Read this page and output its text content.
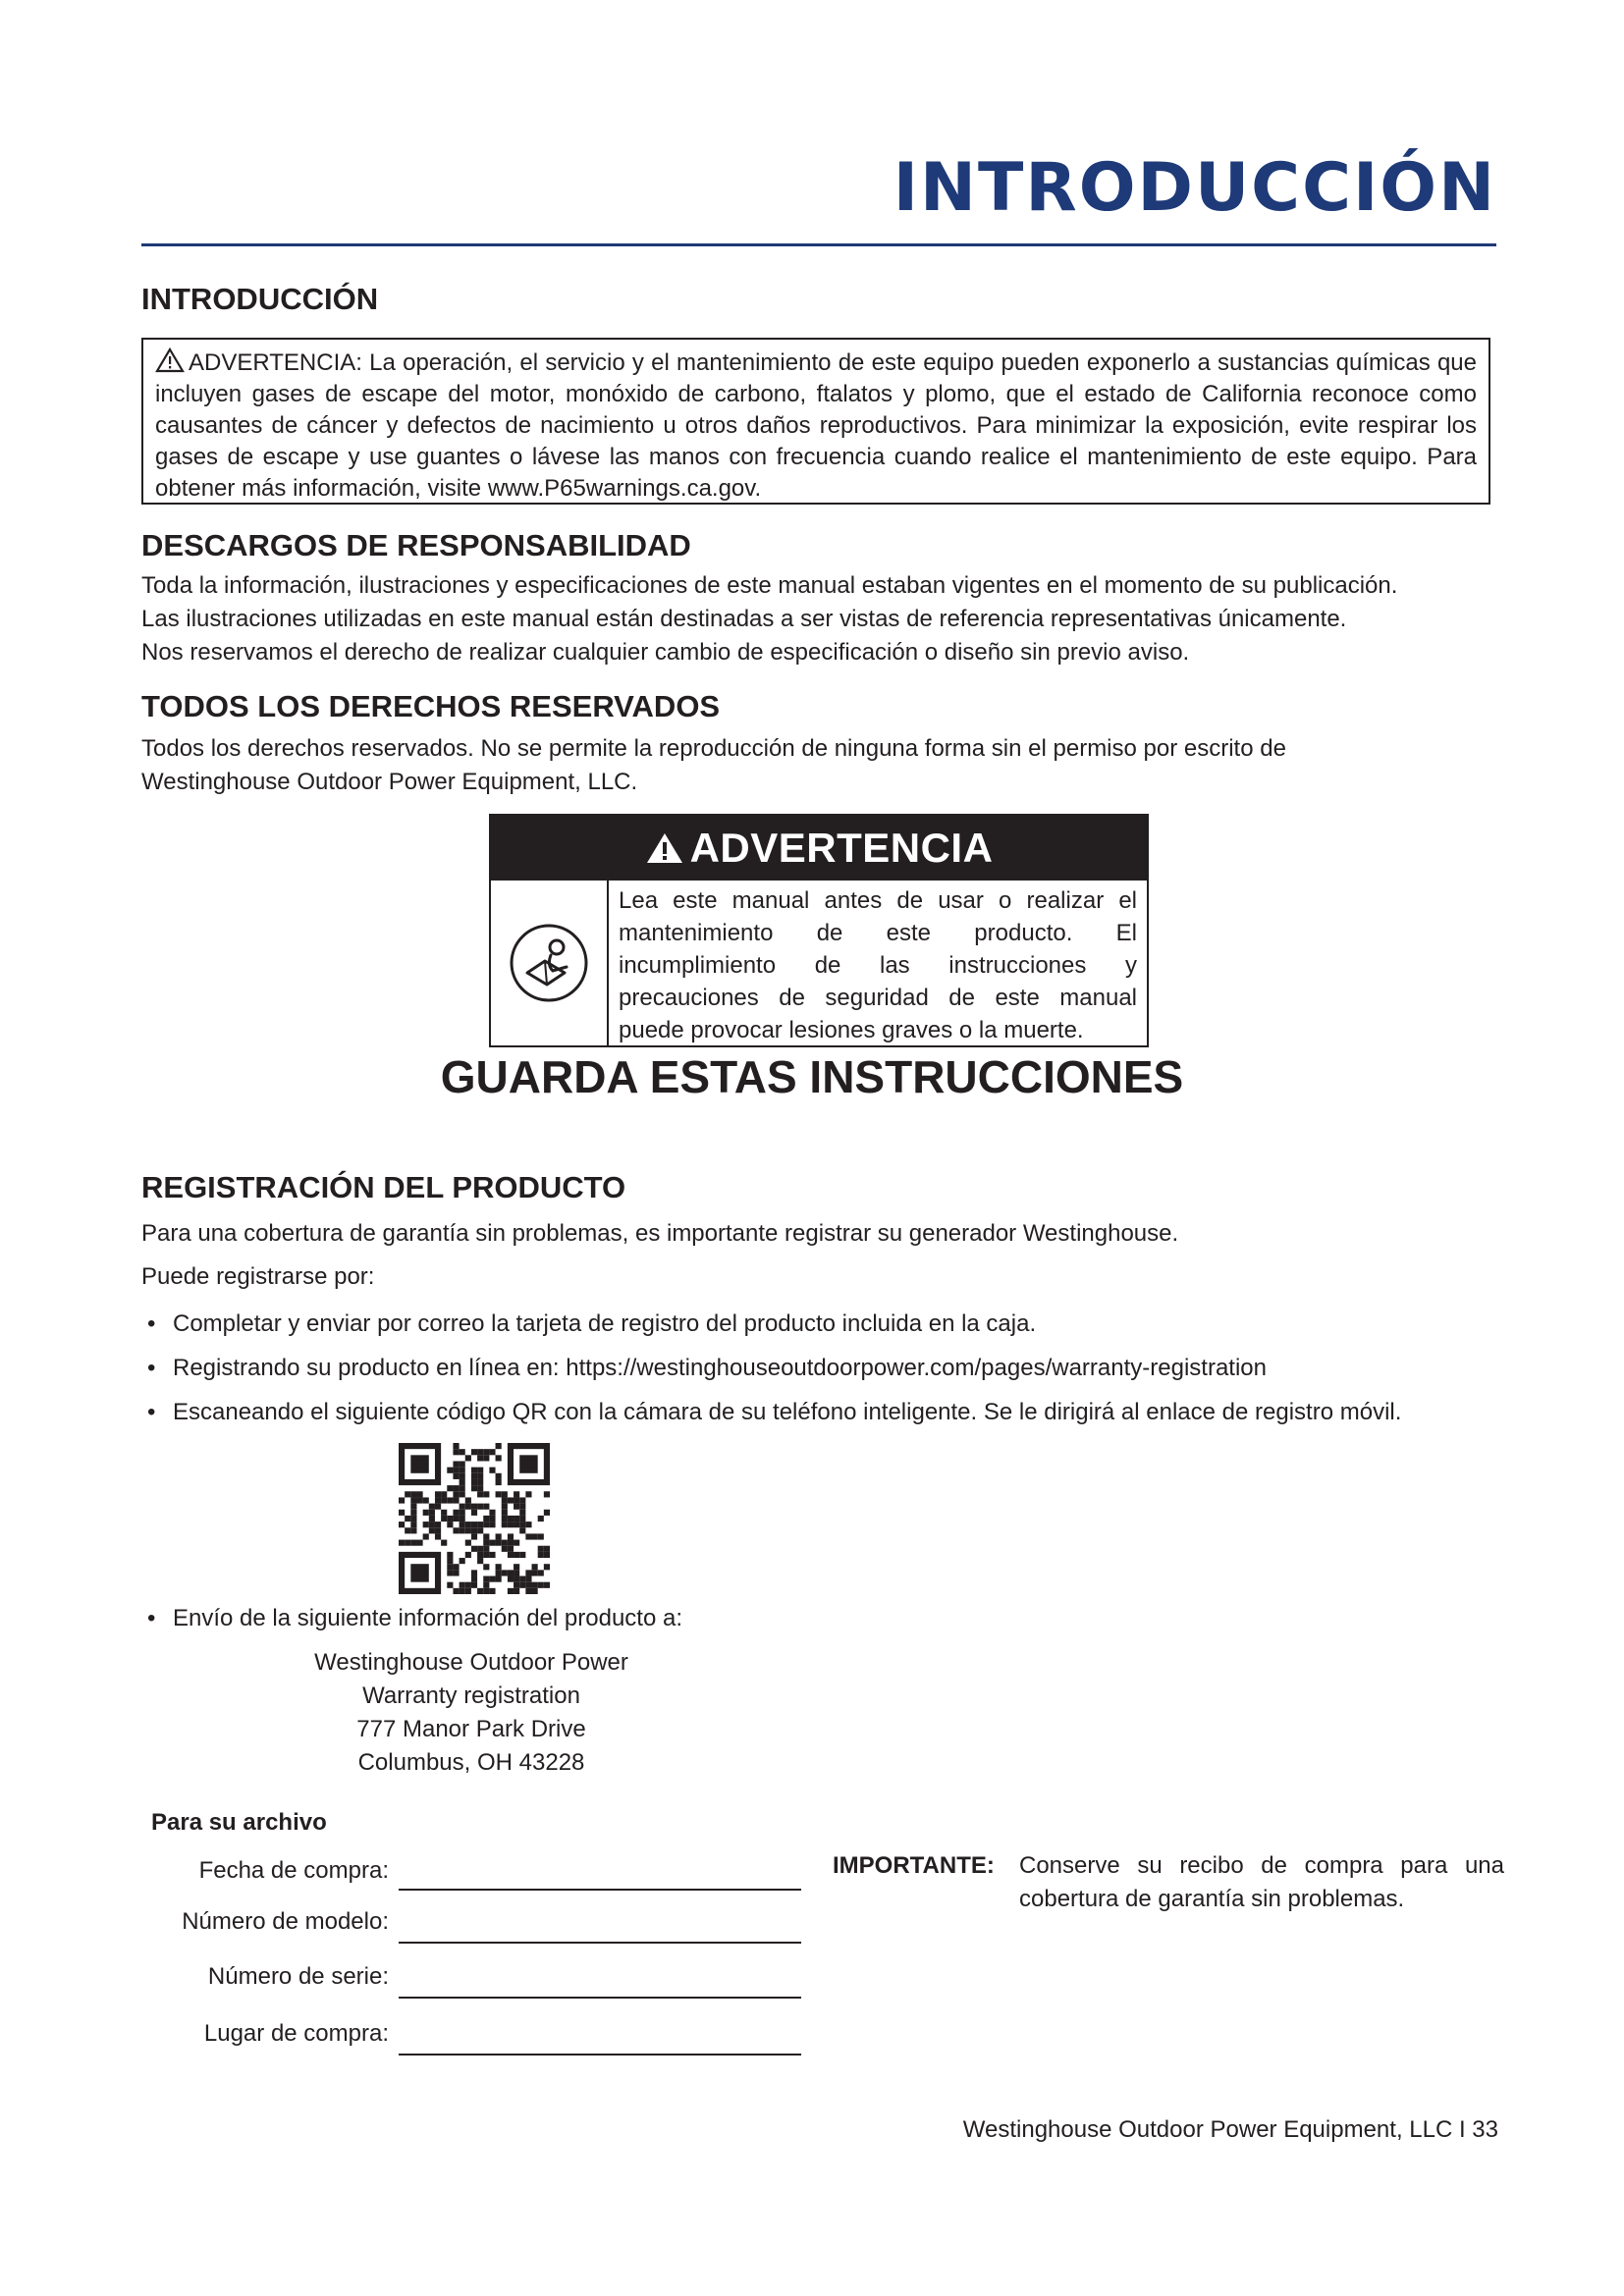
INTRODUCCIÓN
INTRODUCCIÓN

ADVERTENCIA: La operación, el servicio y el mantenimiento de este equipo pueden exponerlo a sustancias químicas que incluyen gases de escape del motor, monóxido de carbono, ftalatos y plomo, que el estado de California reconoce como causantes de cáncer y defectos de nacimiento u otros daños reproductivos. Para minimizar la exposición, evite respirar los gases de escape y use guantes o lávese las manos con frecuencia cuando realice el mantenimiento de este equipo. Para obtener más información, visite www.P65warnings.ca.gov.

DESCARGOS DE RESPONSABILIDAD

Toda la información, ilustraciones y especificaciones de este manual estaban vigentes en el momento de su publicación.

Las ilustraciones utilizadas en este manual están destinadas a ser vistas de referencia representativas únicamente.

Nos reservamos el derecho de realizar cualquier cambio de especificación o diseño sin previo aviso.

TODOS LOS DERECHOS RESERVADOS

Todos los derechos reservados. No se permite la reproducción de ninguna forma sin el permiso por escrito de Westinghouse Outdoor Power Equipment, LLC.

ADVERTENCIA
Lea este manual antes de usar o realizar el mantenimiento de este producto. El incumplimiento de las instrucciones y precauciones de seguridad de este manual puede provocar lesiones graves o la muerte.
GUARDA ESTAS INSTRUCCIONES
REGISTRACIÓN DEL PRODUCTO

Para una cobertura de garantía sin problemas, es importante registrar su generador Westinghouse.

Puede registrarse por:

• Completar y enviar por correo la tarjeta de registro del producto incluida en la caja.

• Registrando su producto en línea en: https://westinghouseoutdoorpower.com/pages/warranty-registration

• Escaneando el siguiente código QR con la cámara de su teléfono inteligente. Se le dirigirá al enlace de registro móvil.

• Envío de la siguiente información del producto a:

Westinghouse Outdoor Power
Warranty registration
777 Manor Park Drive
Columbus, OH 43228

Para su archivo

Fecha de compra:
Número de modelo:
Número de serie:
Lugar de compra:
IMPORTANTE:	Conserve su recibo de compra para una
cobertura de garantía sin problemas.

Westinghouse Outdoor Power Equipment, LLC I 33
